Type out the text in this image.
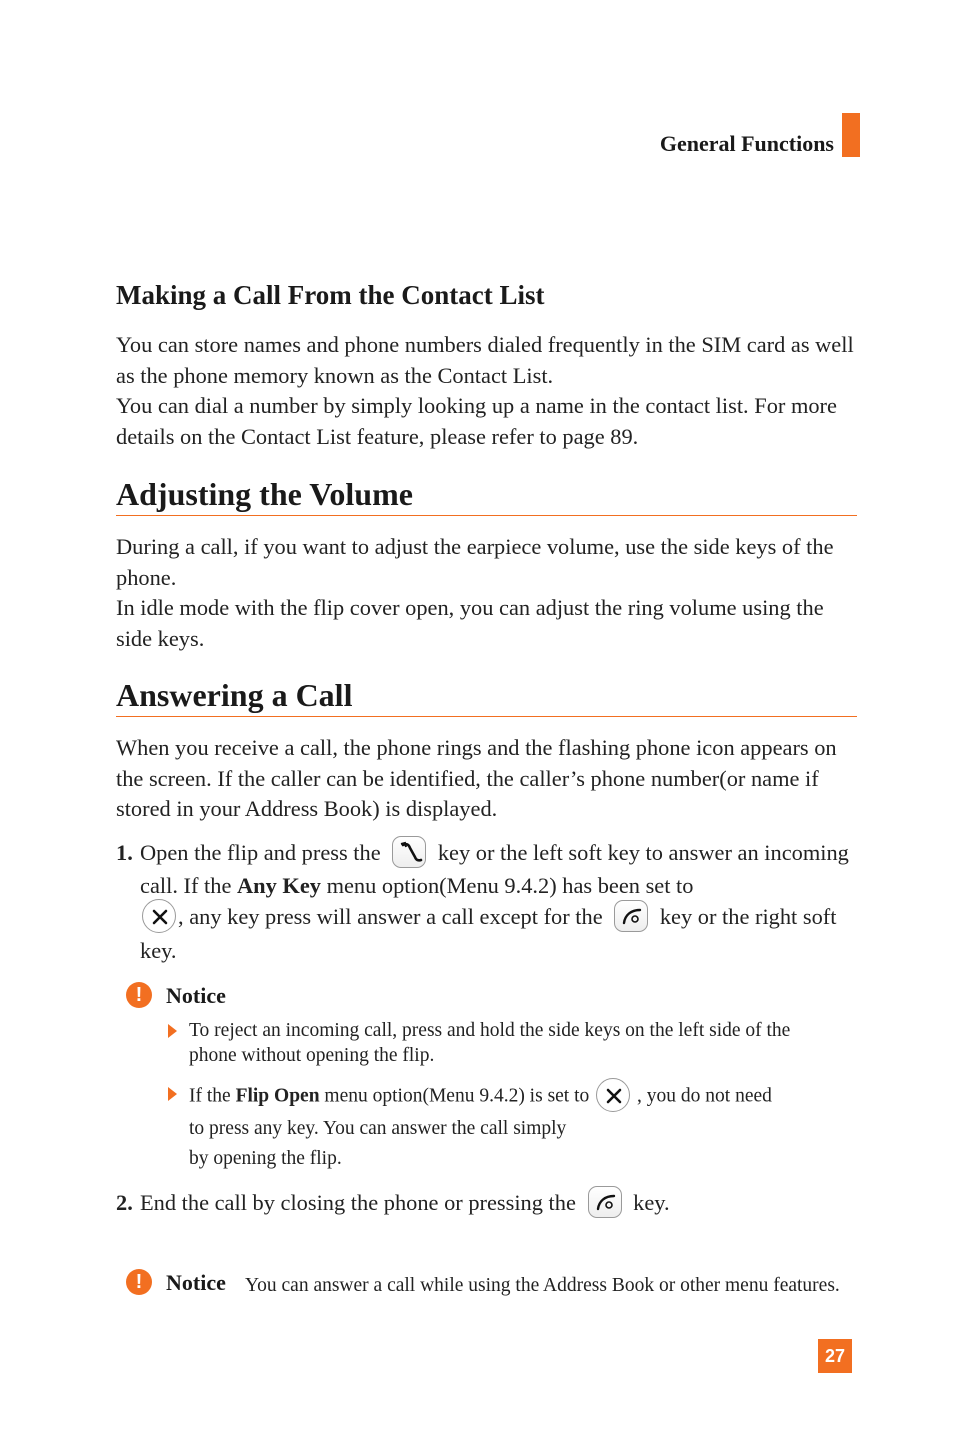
General Functions
Making a Call From the Contact List

You can store names and phone numbers dialed frequently in the SIM card as well as the phone memory known as the Contact List.

You can dial a number by simply looking up a name in the contact list. For more details on the Contact List feature, please refer to page 89.

Adjusting the Volume

During a call, if you want to adjust the earpiece volume, use the side keys of the phone.

In idle mode with the flip cover open, you can adjust the ring volume using the side keys.

Answering a Call
When you receive a call, the phone rings and the flashing phone icon appears on the screen. If the caller can be identified, the caller’s phone number(or name if stored in your Address Book) is displayed.
1. Open the flip and press the	key or the left soft key to answer an incoming call. If the Any Key menu option(Menu 9.4.2) has been set to

, any key press will answer a call except for the	key or the right soft key.
!	Notice
To reject an incoming call, press and hold the side keys on the left side of the phone without opening the flip.

If the Flip Open menu option(Menu 9.4.2) is set to , you do not need

to press any key. You can answer the call simply

by opening the flip.

2. End the call by closing the phone or pressing the	key.
!	Notice You can answer a call while using the Address Book or other menu features.
27
